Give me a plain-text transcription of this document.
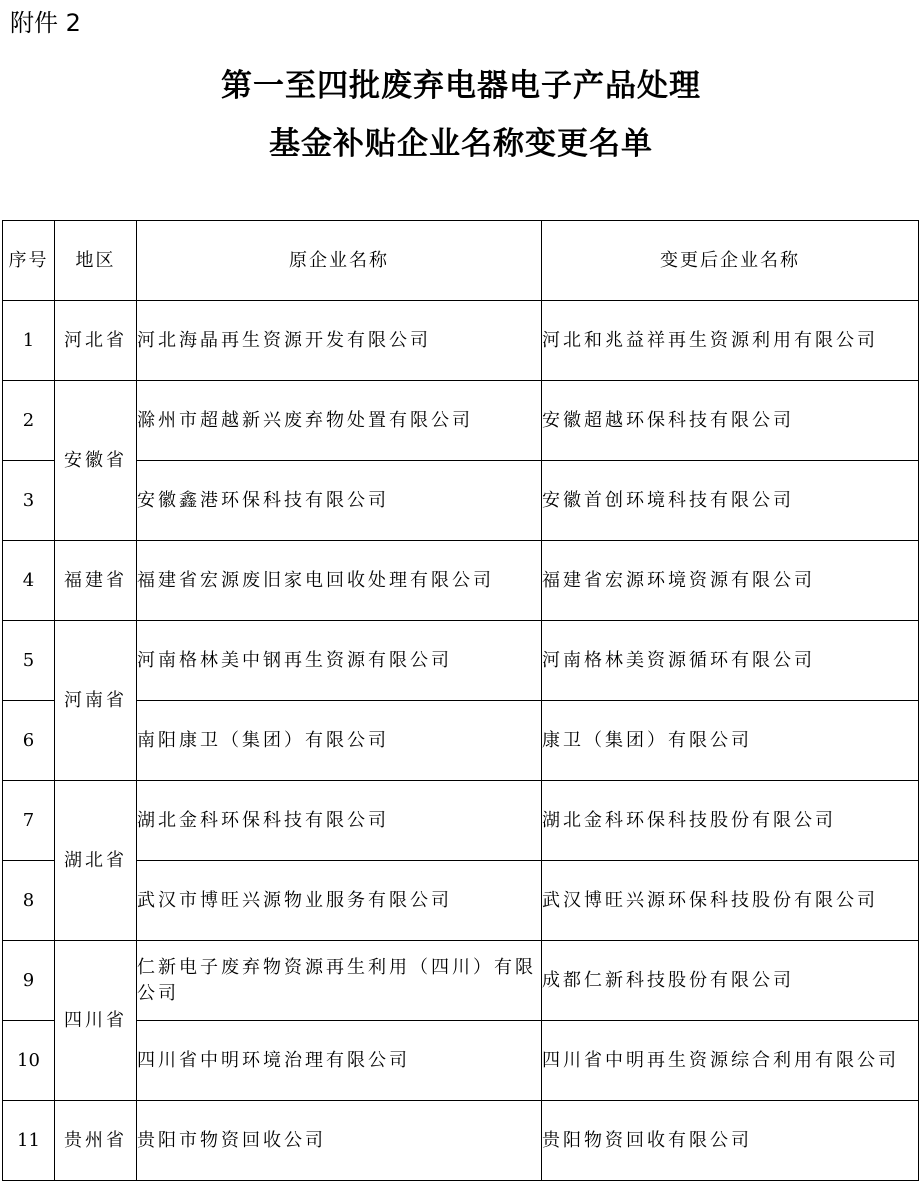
附件 2
第一至四批废弃电器电子产品处理
基金补贴企业名称变更名单
序号	地区	原企业名称	变更后企业名称
1	河北省	河北海晶再生资源开发有限公司	河北和兆益祥再生资源利用有限公司
2	安徽省	滁州市超越新兴废弃物处置有限公司	安徽超越环保科技有限公司
3		安徽鑫港环保科技有限公司	安徽首创环境科技有限公司
4	福建省	福建省宏源废旧家电回收处理有限公司	福建省宏源环境资源有限公司
5	河南省	河南格林美中钢再生资源有限公司	河南格林美资源循环有限公司
6		南阳康卫（集团）有限公司	康卫（集团）有限公司
7	湖北省	湖北金科环保科技有限公司	湖北金科环保科技股份有限公司
8		武汉市博旺兴源物业服务有限公司	武汉博旺兴源环保科技股份有限公司
9	四川省	仁新电子废弃物资源再生利用（四川）有限公司	成都仁新科技股份有限公司
10		四川省中明环境治理有限公司	四川省中明再生资源综合利用有限公司
11	贵州省	贵阳市物资回收公司	贵阳物资回收有限公司
